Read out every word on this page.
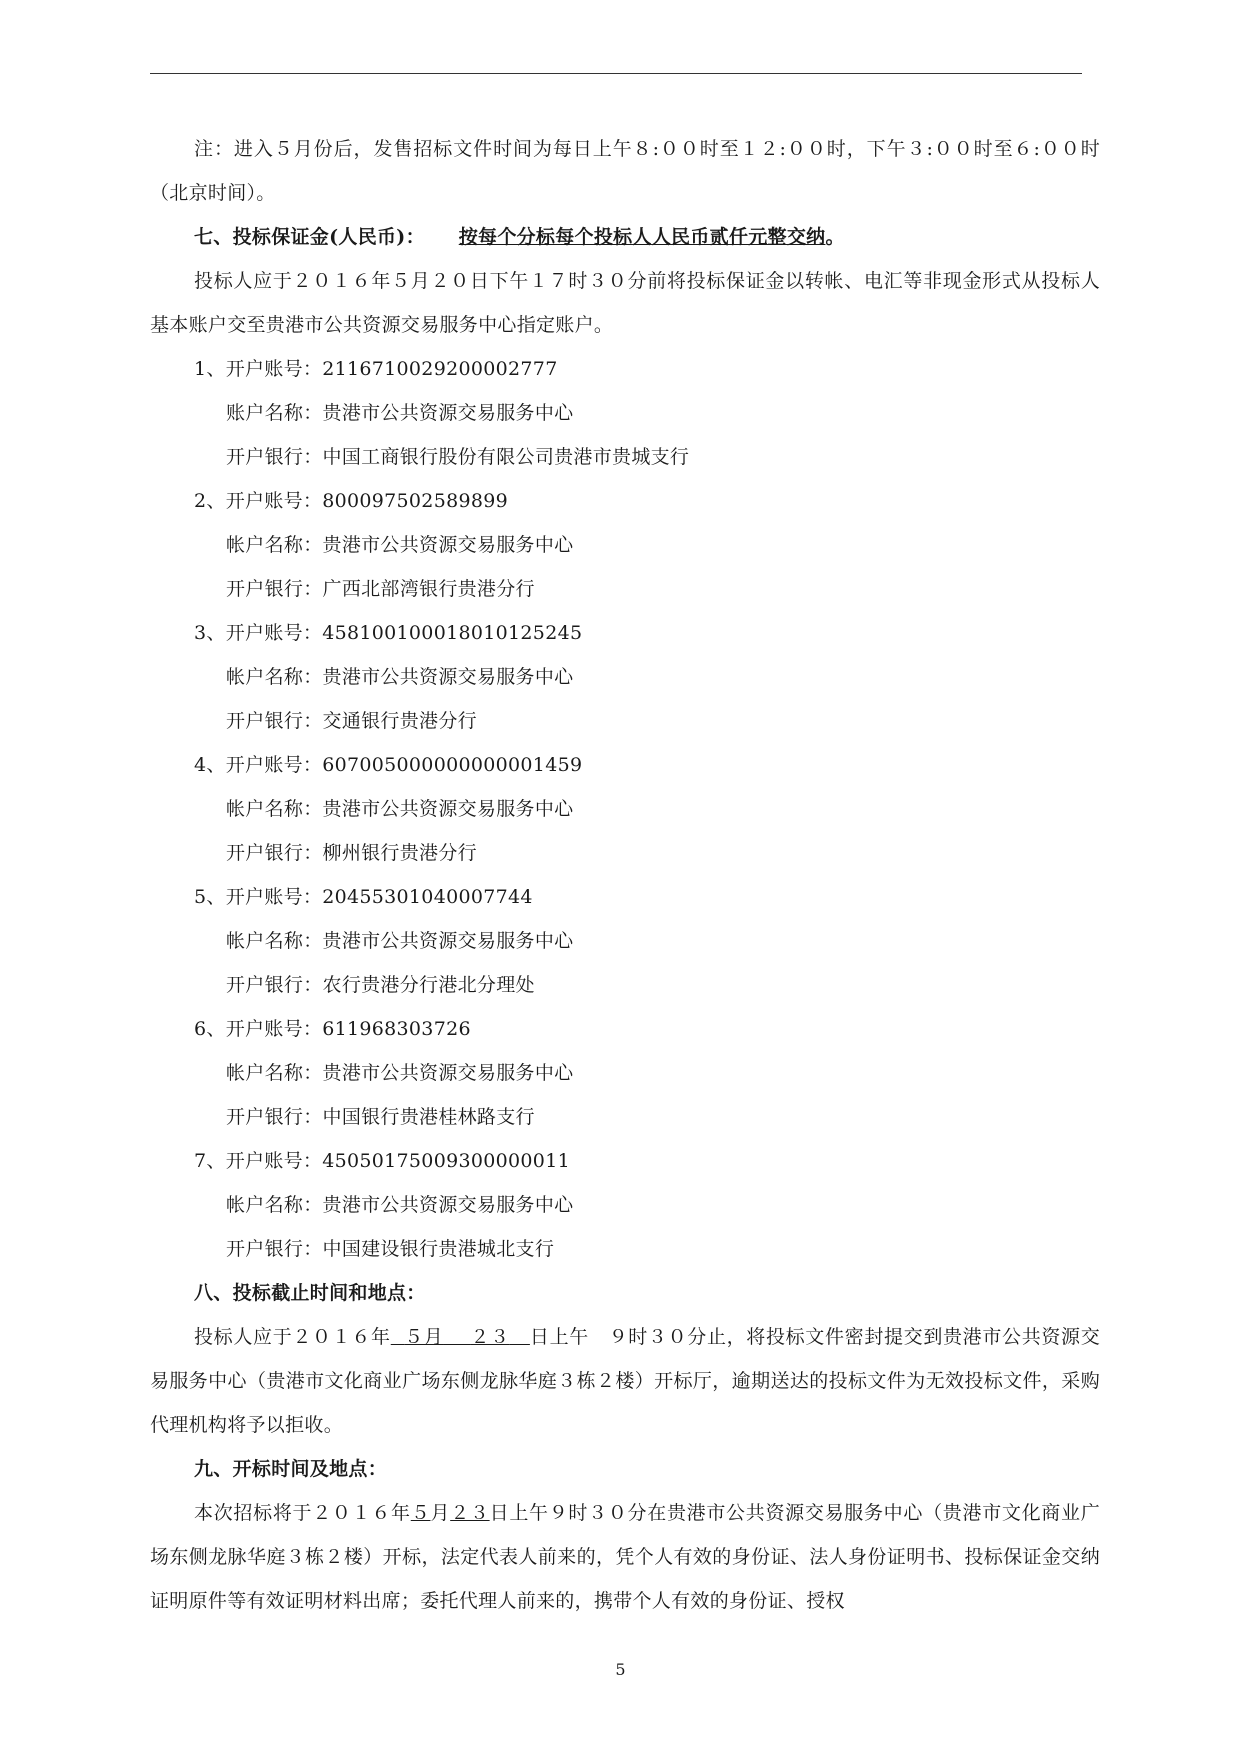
注：进入５月份后，发售招标文件时间为每日上午８:００时至１２:００时，下午３:００时至６:００时（北京时间）。

七、投标保证金(人民币)： 按每个分标每个投标人人民币贰仟元整交纳。

投标人应于２０１６年５月２０日下午１７时３０分前将投标保证金以转帐、电汇等非现金形式从投标人基本账户交至贵港市公共资源交易服务中心指定账户。

1、开户账号：2116710029200002777

账户名称：贵港市公共资源交易服务中心

开户银行：中国工商银行股份有限公司贵港市贵城支行

2、开户账号：800097502589899

帐户名称：贵港市公共资源交易服务中心

开户银行：广西北部湾银行贵港分行

3、开户账号：458100100018010125245

帐户名称：贵港市公共资源交易服务中心

开户银行：交通银行贵港分行

4、开户账号：607005000000000001459

帐户名称：贵港市公共资源交易服务中心

开户银行：柳州银行贵港分行

5、开户账号：20455301040007744

帐户名称：贵港市公共资源交易服务中心

开户银行：农行贵港分行港北分理处

6、开户账号：611968303726

帐户名称：贵港市公共资源交易服务中心

开户银行：中国银行贵港桂林路支行

7、开户账号：45050175009300000011

帐户名称：贵港市公共资源交易服务中心

开户银行：中国建设银行贵港城北支行

八、投标截止时间和地点：

投标人应于２０１６年 ５月 ２３ 日上午　９时３０分止，将投标文件密封提交到贵港市公共资源交易服务中心（贵港市文化商业广场东侧龙脉华庭３栋２楼）开标厅，逾期送达的投标文件为无效投标文件，采购代理机构将予以拒收。

九、开标时间及地点：

本次招标将于２０１６年５月２３日上午９时３０分在贵港市公共资源交易服务中心（贵港市文化商业广场东侧龙脉华庭３栋２楼）开标，法定代表人前来的，凭个人有效的身份证、法人身份证明书、投标保证金交纳证明原件等有效证明材料出席；委托代理人前来的，携带个人有效的身份证、授权

5
